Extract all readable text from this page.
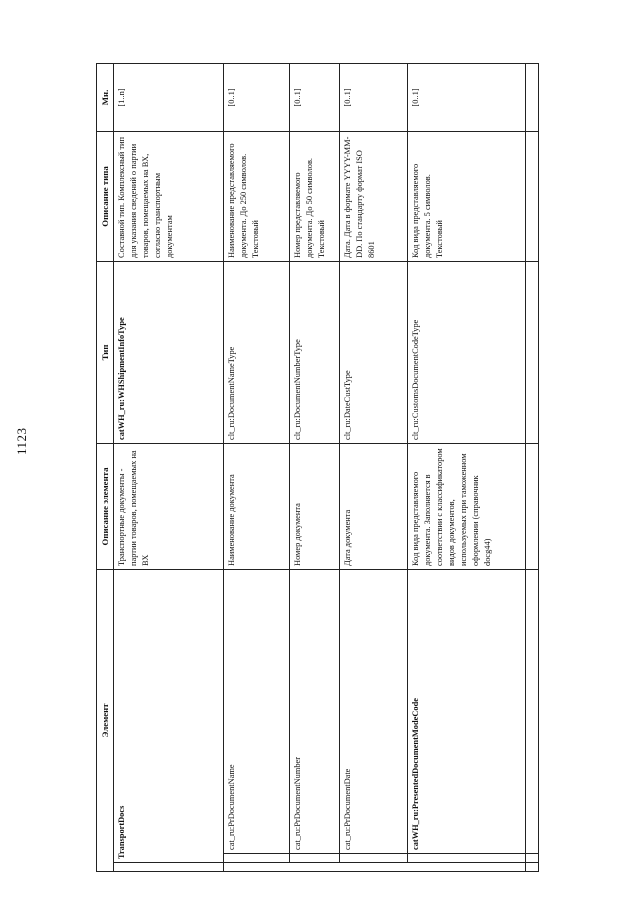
1123
Элемент			Описание элемента	Тип	Описание типа	Мн.
	TransportDocs		Транспортные документы - партии товаров, помещаемых на ВХ	catWH_ru:WHShipmentInfoType	Составной тип. Комплексный тип для указания сведений о партии товаров, помещаемых на ВХ, согласно транспортным документам	[1..n]
		cat_ru:PrDocumentName	Наименование документа	clt_ru:DocumentNameType	Наименование представляемого документа. До 250 символов. Текстовый	[0..1]
		cat_ru:PrDocumentNumber	Номер документа	clt_ru:DocumentNumberType	Номер представляемого документа. До 50 символов. Текстовый	[0..1]
		cat_ru:PrDocumentDate	Дата документа	clt_ru:DateCustType	Дата. Дата в формате YYYY-MM-DD. По стандарту формат ISO 8601	[0..1]
		catWH_ru:PresentedDocumentModeCode	Код вида представляемого документа. Заполняется в соответствии с классификатором видов документов, используемых при таможенном оформлении (справочник docg44)	clt_ru:CustomsDocumentCodeType	Код вида представляемого документа. 5 символов. Текстовый	[0..1]
